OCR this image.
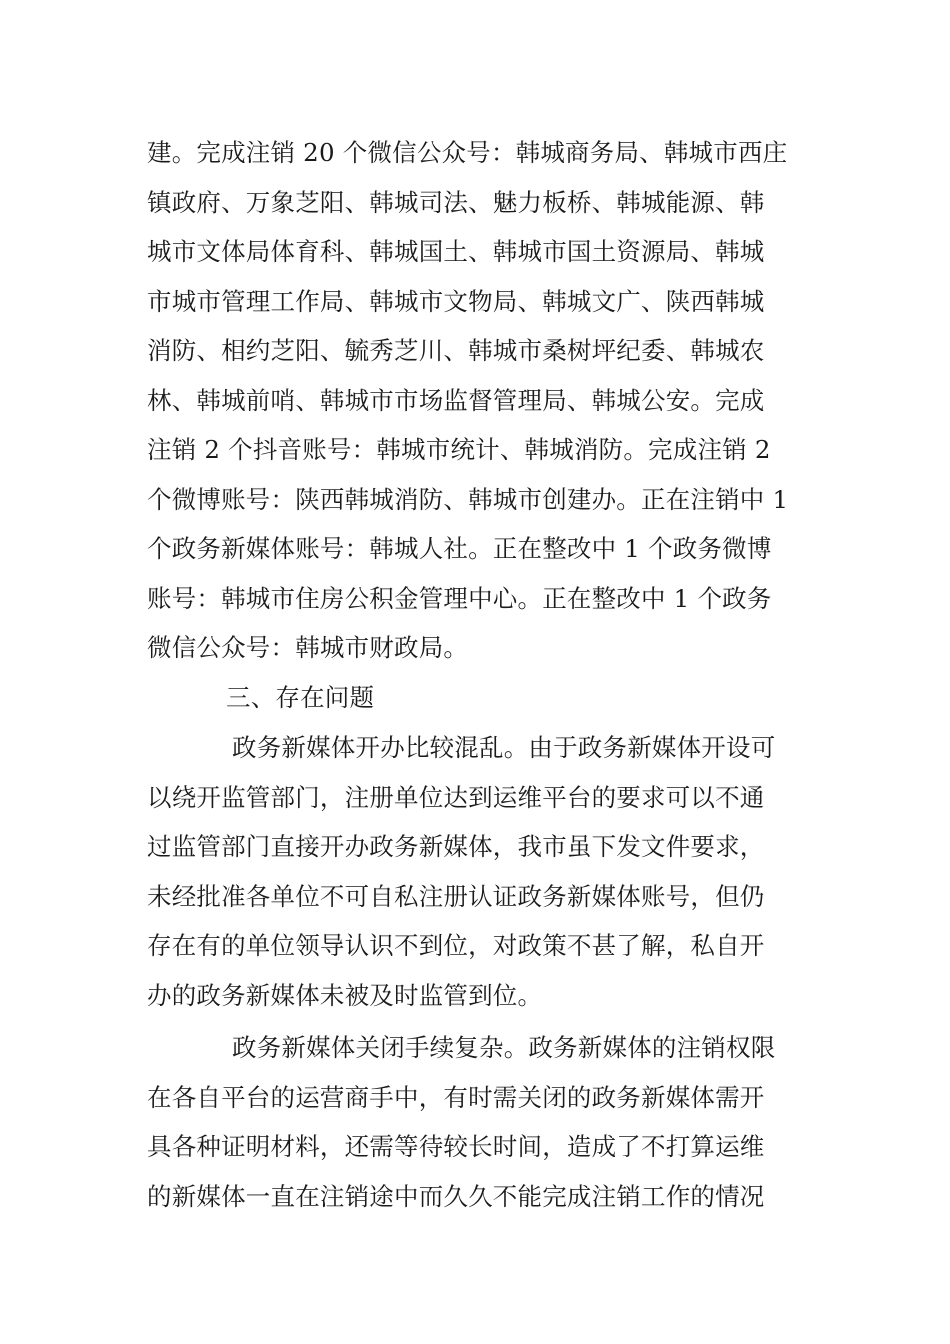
建。完成注销 20 个微信公众号：韩城商务局、韩城市西庄
镇政府、万象芝阳、韩城司法、魅力板桥、韩城能源、韩
城市文体局体育科、韩城国土、韩城市国土资源局、韩城
市城市管理工作局、韩城市文物局、韩城文广、陕西韩城
消防、相约芝阳、毓秀芝川、韩城市桑树坪纪委、韩城农
林、韩城前哨、韩城市市场监督管理局、韩城公安。完成
注销 2 个抖音账号：韩城市统计、韩城消防。完成注销 2
个微博账号：陕西韩城消防、韩城市创建办。正在注销中 1
个政务新媒体账号：韩城人社。正在整改中 1 个政务微博
账号：韩城市住房公积金管理中心。正在整改中 1 个政务
微信公众号：韩城市财政局。
三、存在问题
政务新媒体开办比较混乱。由于政务新媒体开设可
以绕开监管部门，注册单位达到运维平台的要求可以不通
过监管部门直接开办政务新媒体，我市虽下发文件要求，
未经批准各单位不可自私注册认证政务新媒体账号，但仍
存在有的单位领导认识不到位，对政策不甚了解，私自开
办的政务新媒体未被及时监管到位。
政务新媒体关闭手续复杂。政务新媒体的注销权限
在各自平台的运营商手中，有时需关闭的政务新媒体需开
具各种证明材料，还需等待较长时间，造成了不打算运维
的新媒体一直在注销途中而久久不能完成注销工作的情况
